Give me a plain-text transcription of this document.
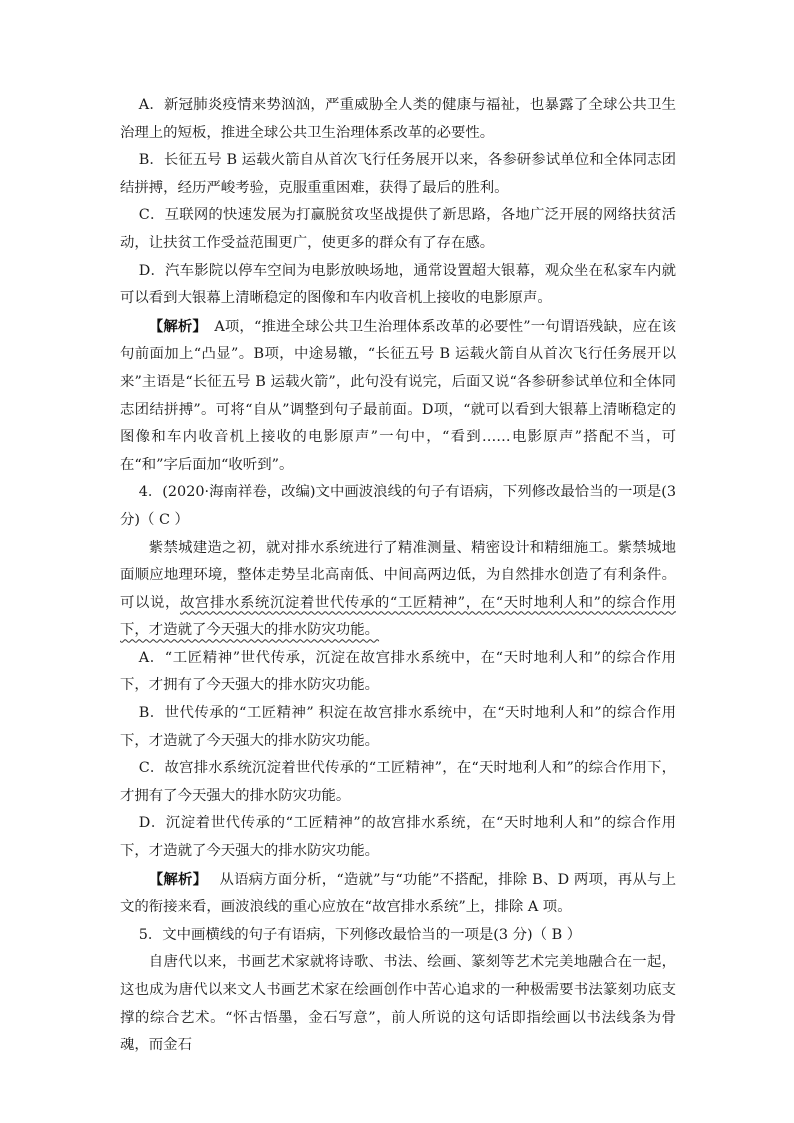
A．新冠肺炎疫情来势汹汹，严重威胁全人类的健康与福祉，也暴露了全球公共卫生治理上的短板，推进全球公共卫生治理体系改革的必要性。

B．长征五号 B 运载火箭自从首次飞行任务展开以来，各参研参试单位和全体同志团结拼搏，经历严峻考验，克服重重困难，获得了最后的胜利。

C．互联网的快速发展为打赢脱贫攻坚战提供了新思路，各地广泛开展的网络扶贫活动，让扶贫工作受益范围更广，使更多的群众有了存在感。

D．汽车影院以停车空间为电影放映场地，通常设置超大银幕，观众坐在私家车内就可以看到大银幕上清晰稳定的图像和车内收音机上接收的电影原声。

【解析】　A项，“推进全球公共卫生治理体系改革的必要性”一句谓语残缺，应在该句前面加上“凸显”。B项，中途易辙，“长征五号 B 运载火箭自从首次飞行任务展开以来”主语是“长征五号 B 运载火箭”，此句没有说完，后面又说“各参研参试单位和全体同志团结拼搏”。可将“自从”调整到句子最前面。D项，“就可以看到大银幕上清晰稳定的图像和车内收音机上接收的电影原声”一句中，“看到……电影原声”搭配不当，可在“和”字后面加“收听到”。

4．(2020·海南祥卷，改编)文中画波浪线的句子有语病，下列修改最恰当的一项是(3 分)（ C ）

紫禁城建造之初，就对排水系统进行了精准测量、精密设计和精细施工。紫禁城地面顺应地理环境，整体走势呈北高南低、中间高两边低，为自然排水创造了有利条件。可以说，故宫排水系统沉淀着世代传承的“工匠精神”，在“天时地利人和”的综合作用下，才造就了今天强大的排水防灾功能。

A．“工匠精神”世代传承，沉淀在故宫排水系统中，在“天时地利人和”的综合作用下，才拥有了今天强大的排水防灾功能。

B．世代传承的“工匠精神” 积淀在故宫排水系统中，在“天时地利人和”的综合作用下，才造就了今天强大的排水防灾功能。

C．故宫排水系统沉淀着世代传承的“工匠精神”，在“天时地利人和”的综合作用下，才拥有了今天强大的排水防灾功能。

D．沉淀着世代传承的“工匠精神”的故宫排水系统，在“天时地利人和”的综合作用下，才造就了今天强大的排水防灾功能。

【解析】　 从语病方面分析，“造就”与“功能”不搭配，排除 B、D 两项，再从与上文的衔接来看，画波浪线的重心应放在“故宫排水系统”上，排除 A 项。

5．文中画横线的句子有语病，下列修改最恰当的一项是(3 分)（ B ）

自唐代以来，书画艺术家就将诗歌、书法、绘画、篆刻等艺术完美地融合在一起，这也成为唐代以来文人书画艺术家在绘画创作中苦心追求的一种极需要书法篆刻功底支撑的综合艺术。“怀古悟墨，金石写意”，前人所说的这句话即指绘画以书法线条为骨魂，而金石
